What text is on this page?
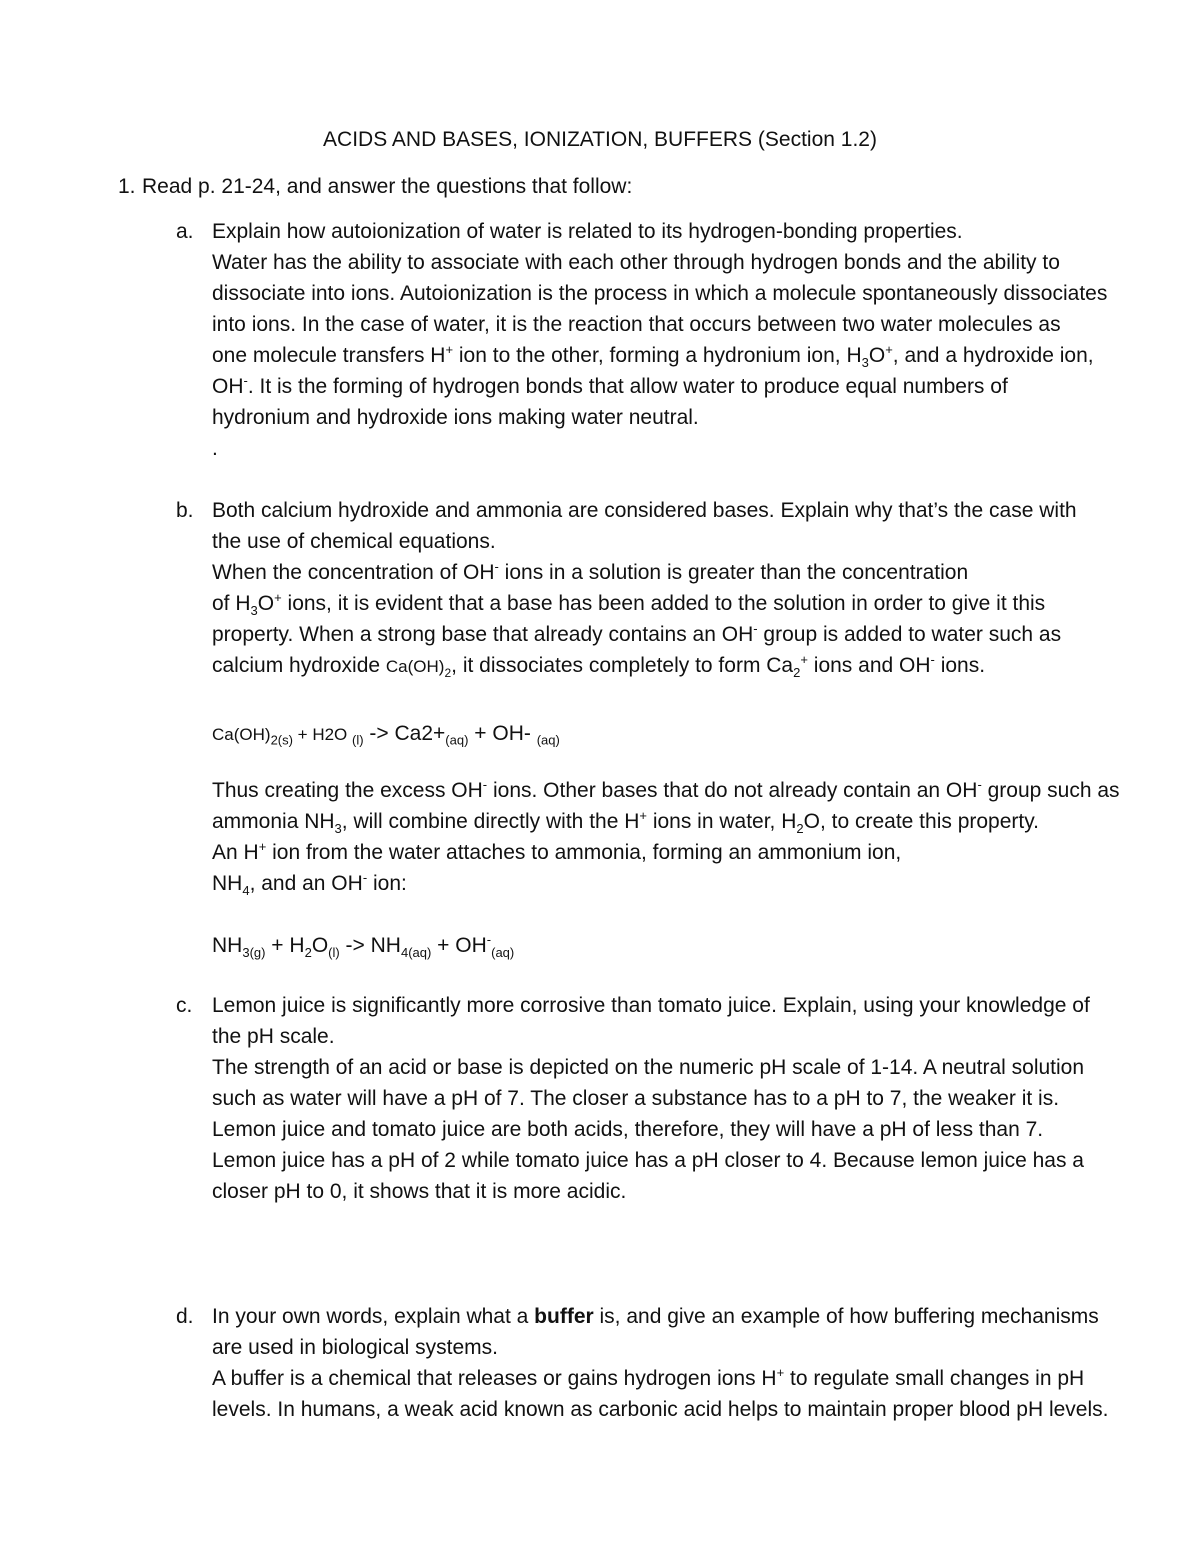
ACIDS AND BASES, IONIZATION, BUFFERS (Section 1.2)
1. Read p. 21-24, and answer the questions that follow:
a. Explain how autoionization of water is related to its hydrogen-bonding properties.
Water has the ability to associate with each other through hydrogen bonds and the ability to
dissociate into ions. Autoionization is the process in which a molecule spontaneously dissociates
into ions. In the case of water, it is the reaction that occurs between two water molecules as
one molecule transfers H+ ion to the other, forming a hydronium ion, $H_3O^+$, and a hydroxide ion,
OH-. It is the forming of hydrogen bonds that allow water to produce equal numbers of
hydronium and hydroxide ions making water neutral.
.
b. Both calcium hydroxide and ammonia are considered bases. Explain why that’s the case with
the use of chemical equations.
When the concentration of OH- ions in a solution is greater than the concentration
of $H_3O^+$ ions, it is evident that a base has been added to the solution in order to give it this
property. When a strong base that already contains an OH- group is added to water such as
calcium hydroxide $Ca(OH)_2$, it dissociates completely to form $Ca_2^+$ ions and OH- ions.
$Ca(OH)_{2(s)} + H2O$ $_{(l)} -> Ca2+_{(aq)} + OH-$ $_{(aq)}$
Thus creating the excess OH- ions. Other bases that do not already contain an OH- group such as
ammonia $NH_3$, will combine directly with the H+ ions in water, $H_2O$, to create this property.
An H+ ion from the water attaches to ammonia, forming an ammonium ion,
$NH_4$, and an OH- ion:
$NH_{3(g)} + H_2O_{(l)} -> NH_{4(aq)} + OH^-_{(aq)}$
c. Lemon juice is significantly more corrosive than tomato juice. Explain, using your knowledge of
the pH scale.
The strength of an acid or base is depicted on the numeric pH scale of 1-14. A neutral solution
such as water will have a pH of 7. The closer a substance has to a pH to 7, the weaker it is.
Lemon juice and tomato juice are both acids, therefore, they will have a pH of less than 7.
Lemon juice has a pH of 2 while tomato juice has a pH closer to 4. Because lemon juice has a
closer pH to 0, it shows that it is more acidic.
d. In your own words, explain what a buffer is, and give an example of how buffering mechanisms
are used in biological systems.
A buffer is a chemical that releases or gains hydrogen ions H+ to regulate small changes in pH
levels. In humans, a weak acid known as carbonic acid helps to maintain proper blood pH levels.
